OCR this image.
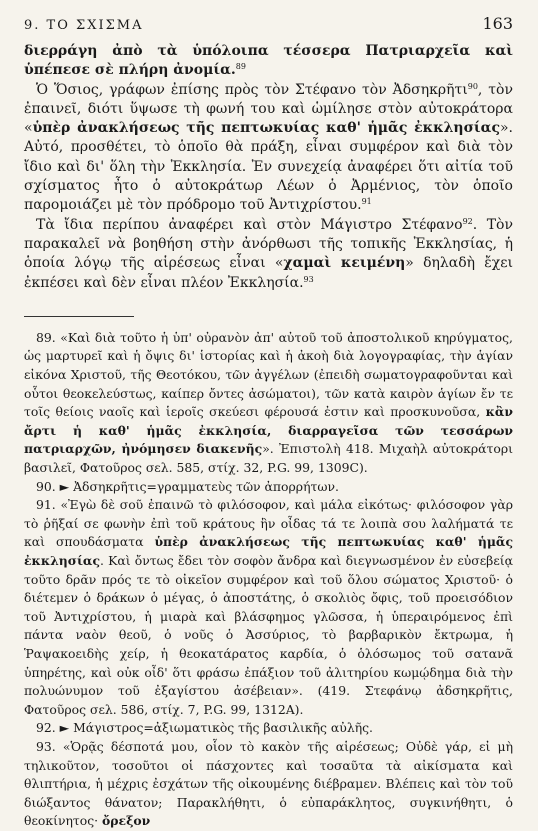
9. ΤΟ ΣΧΙΣΜΑ	163

διερράγη ἀπὸ τὰ ὑπόλοιπα τέσσερα Πατριαρχεῖα καὶ ὑπέπεσε σὲ πλήρη ἀνομία.$^{89}$

Ὁ Ὅσιος, γράφων ἐπίσης πρὸς τὸν Στέφανο τὸν Ἀδσηκρῆτι$^{90}$, τὸν ἐπαινεῖ, διότι ὕψωσε τὴ φωνή του καὶ ὡμίλησε στὸν αὐτοκράτορα «ὑπὲρ ἀνακλήσεως τῆς πεπτωκυίας καθ' ἡμᾶς ἐκκλησίας». Αὐτό, προσθέτει, τὸ ὁποῖο θὰ πράξη, εἶναι συμφέρον καὶ διὰ τὸν ἴδιο καὶ δι' ὅλη τὴν Ἐκκλησία. Ἐν συνεχείᾳ ἀναφέρει ὅτι αἰτία τοῦ σχίσματος ἦτο ὁ αὐτοκράτωρ Λέων ὁ Ἀρμένιος, τὸν ὁποῖο παρομοιάζει μὲ τὸν πρόδρομο τοῦ Ἀντιχρίστου.$^{91}$

Τὰ ἴδια περίπου ἀναφέρει καὶ στὸν Μάγιστρο Στέφανο$^{92}$. Τὸν παρακαλεῖ νὰ βοηθήση στὴν ἀνόρθωσι τῆς τοπικῆς Ἐκκλησίας, ἡ ὁποία λόγῳ τῆς αἱρέσεως εἶναι «χαμαὶ κειμένη» δηλαδὴ ἔχει ἐκπέσει καὶ δὲν εἶναι πλέον Ἐκκλησία.$^{93}$

89. «Καὶ διὰ τοῦτο ἡ ὑπ' οὐρανὸν ἀπ' αὐτοῦ τοῦ ἀποστολικοῦ κηρύγματος, ὡς μαρτυρεῖ καὶ ἡ ὄψις δι' ἱστορίας καὶ ἡ ἀκοὴ διὰ λογογραφίας, τὴν ἁγίαν εἰκόνα Χριστοῦ, τῆς Θεοτόκου, τῶν ἀγγέλων (ἐπειδὴ σωματογραφοῦνται καὶ οὗτοι θεοκελεύστως, καίπερ ὄντες ἀσώματοι), τῶν κατὰ καιρὸν ἁγίων ἔν τε τοῖς θείοις ναοῖς καὶ ἱεροῖς σκεύεσι φέρουσά ἐστιν καὶ προσκυνοῦσα, κἂν ἄρτι ἡ καθ' ἡμᾶς ἐκκλησία, διαρραγεῖσα τῶν τεσσάρων πατριαρχῶν, ἠνόμησεν διακενῆς». Ἐπιστολὴ 418. Μιχαὴλ αὐτοκράτορι βασιλεῖ, Φατοῦρος σελ. 585, στίχ. 32, P.G. 99, 1309C).

90. ► Ἀδσηκρῆτις=γραμματεὺς τῶν ἀπορρήτων.

91. «Ἐγὼ δὲ σοῦ ἐπαινῶ τὸ φιλόσοφον, καὶ μάλα εἰκότως· φιλόσοφον γὰρ τὸ ῥῆξαί σε φωνὴν ἐπὶ τοῦ κράτους ἣν οἶδας τά τε λοιπὰ σου λαλήματά τε καὶ σπουδάσματα ὑπὲρ ἀνακλήσεως τῆς πεπτωκυίας καθ' ἡμᾶς ἐκκλησίας. Καὶ ὄντως ἔδει τὸν σοφὸν ἄνδρα καὶ διεγνωσμένον ἐν εὐσεβείᾳ τοῦτο δρᾶν πρός τε τὸ οἰκεῖον συμφέρον καὶ τοῦ ὅλου σώματος Χριστοῦ· ὁ διέτεμεν ὁ δράκων ὁ μέγας, ὁ ἀποστάτης, ὁ σκολιὸς ὄφις, τοῦ προεισόδιον τοῦ Ἀντιχρίστου, ἡ μιαρὰ καὶ βλάσφημος γλῶσσα, ἡ ὑπεραιρόμενος ἐπὶ πάντα ναὸν θεοῦ, ὁ νοῦς ὁ Ἀσσύριος, τὸ βαρβαρικὸν ἔκτρωμα, ἡ Ῥαψακοειδὴς χείρ, ἡ θεοκατάρατος καρδία, ὁ ὁλόσωμος τοῦ σατανᾶ ὑπηρέτης, καὶ οὐκ οἶδ' ὅτι φράσω ἐπάξιον τοῦ ἀλιτηρίου κωμῴδημα διὰ τὴν πολυώνυμον τοῦ ἐξαγίστου ἀσέβειαν». (419. Στεφάνῳ ἀδσηκρῆτις, Φατοῦρος σελ. 586, στίχ. 7, P.G. 99, 1312A).

92. ► Μάγιστρος=ἀξιωματικὸς τῆς βασιλικῆς αὐλῆς.

93. «Ὁρᾷς δέσποτά μου, οἷον τὸ κακὸν τῆς αἱρέσεως; Οὐδὲ γάρ, εἰ μὴ τηλικοῦτον, τοσοῦτοι οἱ πάσχοντες καὶ τοσαῦτα τὰ αἰκίσματα καὶ θλιπτήρια, ἡ μέχρις ἐσχάτων τῆς οἰκουμένης διέβραμεν. Βλέπεις καὶ τὸν τοῦ διώξαντος θάνατον; Παρακλήθητι, ὁ εὐπαράκλητος, συγκινήθητι, ὁ θεοκίνητος· ὄρεξον
